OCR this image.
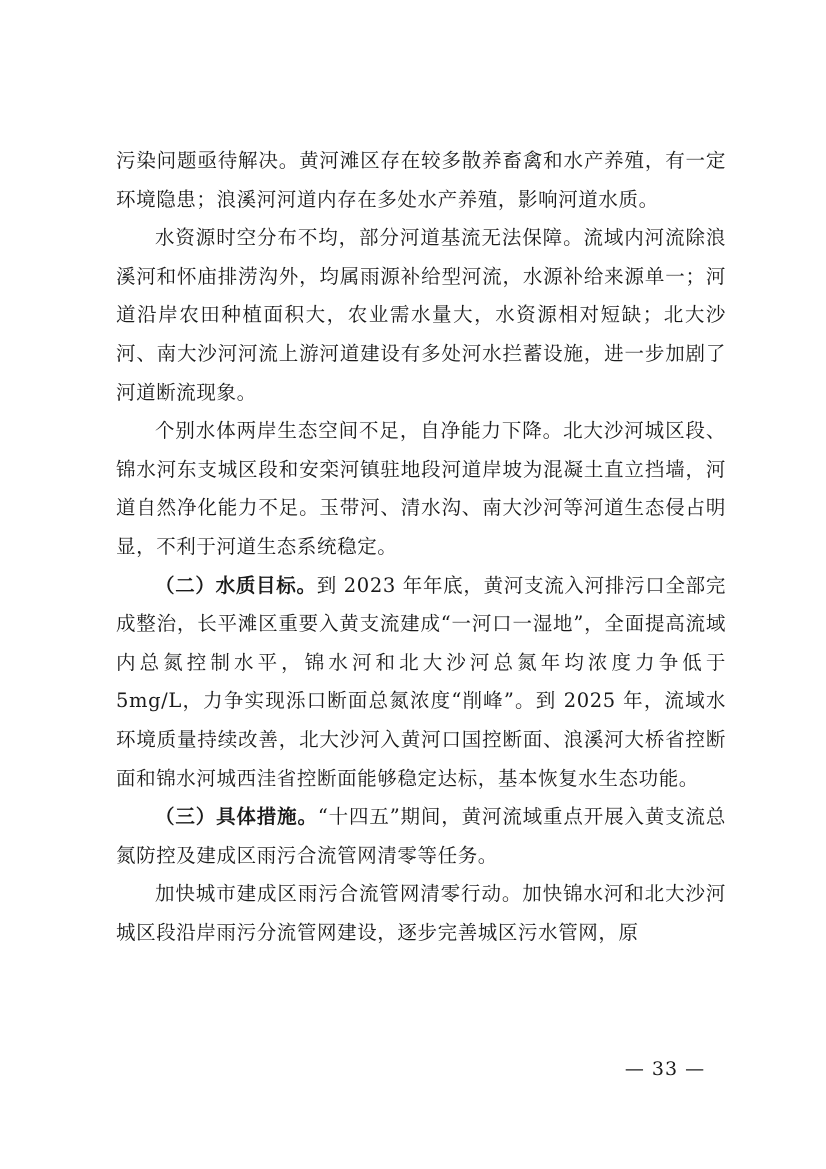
污染问题亟待解决。黄河滩区存在较多散养畜禽和水产养殖，有一定环境隐患；浪溪河河道内存在多处水产养殖，影响河道水质。

水资源时空分布不均，部分河道基流无法保障。流域内河流除浪溪河和怀庙排涝沟外，均属雨源补给型河流，水源补给来源单一；河道沿岸农田种植面积大，农业需水量大，水资源相对短缺；北大沙河、南大沙河河流上游河道建设有多处河水拦蓄设施，进一步加剧了河道断流现象。

个别水体两岸生态空间不足，自净能力下降。北大沙河城区段、锦水河东支城区段和安栾河镇驻地段河道岸坡为混凝土直立挡墙，河道自然净化能力不足。玉带河、清水沟、南大沙河等河道生态侵占明显，不利于河道生态系统稳定。

（二）水质目标。到 2023 年年底，黄河支流入河排污口全部完成整治，长平滩区重要入黄支流建成“一河口一湿地”，全面提高流域内总氮控制水平，锦水河和北大沙河总氮年均浓度力争低于 5mg/L，力争实现泺口断面总氮浓度“削峰”。到 2025 年，流域水环境质量持续改善，北大沙河入黄河口国控断面、浪溪河大桥省控断面和锦水河城西洼省控断面能够稳定达标，基本恢复水生态功能。

（三）具体措施。“十四五”期间，黄河流域重点开展入黄支流总氮防控及建成区雨污合流管网清零等任务。

加快城市建成区雨污合流管网清零行动。加快锦水河和北大沙河城区段沿岸雨污分流管网建设，逐步完善城区污水管网，原

— 33 —
